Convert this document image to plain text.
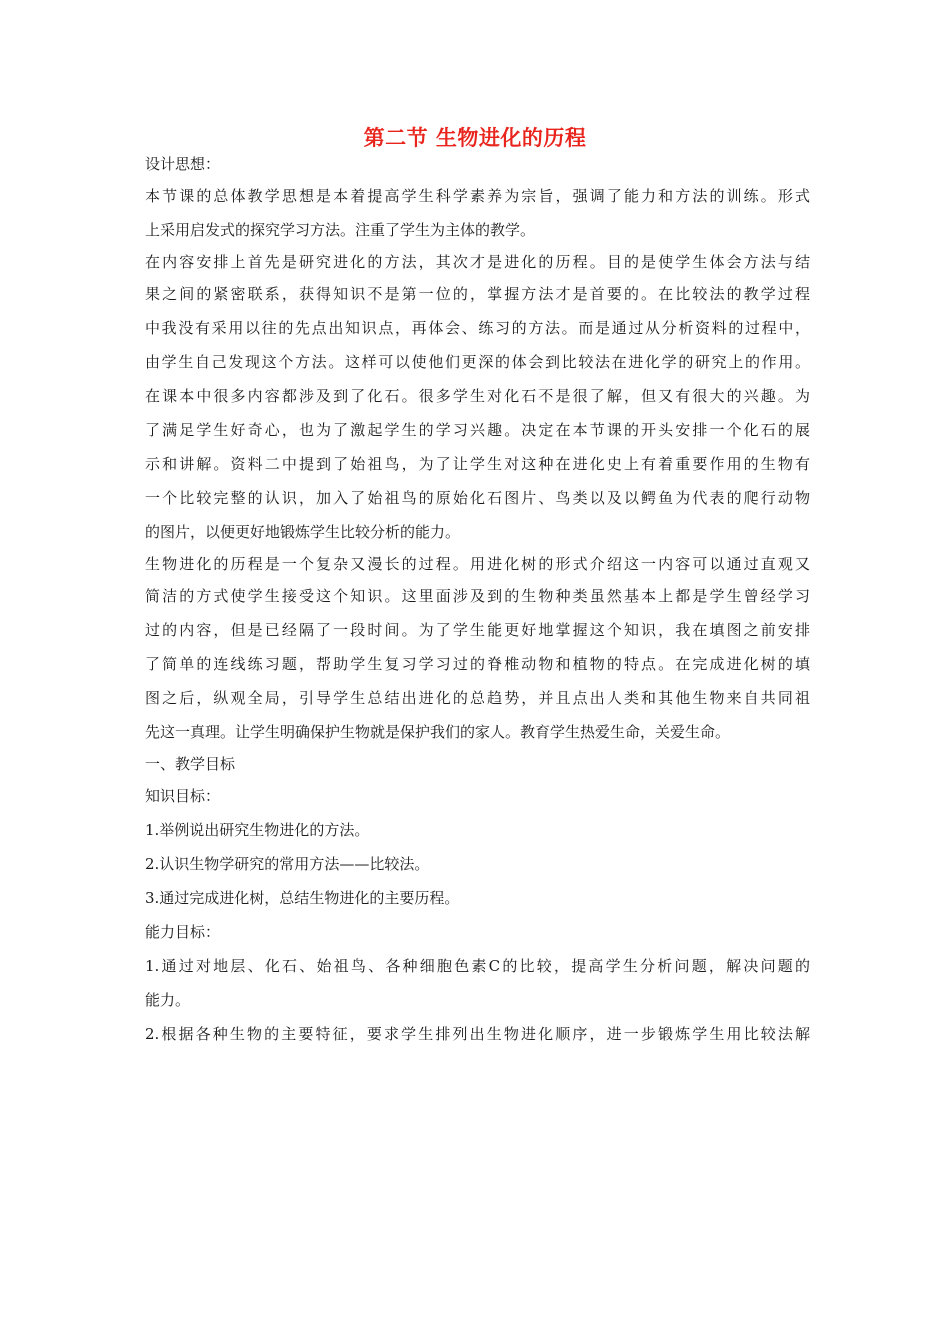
第二节 生物进化的历程
设计思想：
本节课的总体教学思想是本着提高学生科学素养为宗旨，强调了能力和方法的训练。形式
上采用启发式的探究学习方法。注重了学生为主体的教学。
在内容安排上首先是研究进化的方法，其次才是进化的历程。目的是使学生体会方法与结
果之间的紧密联系，获得知识不是第一位的，掌握方法才是首要的。在比较法的教学过程
中我没有采用以往的先点出知识点，再体会、练习的方法。而是通过从分析资料的过程中，
由学生自己发现这个方法。这样可以使他们更深的体会到比较法在进化学的研究上的作用。
在课本中很多内容都涉及到了化石。很多学生对化石不是很了解，但又有很大的兴趣。为
了满足学生好奇心，也为了激起学生的学习兴趣。决定在本节课的开头安排一个化石的展
示和讲解。资料二中提到了始祖鸟，为了让学生对这种在进化史上有着重要作用的生物有
一个比较完整的认识，加入了始祖鸟的原始化石图片、鸟类以及以鳄鱼为代表的爬行动物
的图片，以便更好地锻炼学生比较分析的能力。
生物进化的历程是一个复杂又漫长的过程。用进化树的形式介绍这一内容可以通过直观又
简洁的方式使学生接受这个知识。这里面涉及到的生物种类虽然基本上都是学生曾经学习
过的内容，但是已经隔了一段时间。为了学生能更好地掌握这个知识，我在填图之前安排
了简单的连线练习题，帮助学生复习学习过的脊椎动物和植物的特点。在完成进化树的填
图之后，纵观全局，引导学生总结出进化的总趋势，并且点出人类和其他生物来自共同祖
先这一真理。让学生明确保护生物就是保护我们的家人。教育学生热爱生命，关爱生命。
一、教学目标
知识目标：
1.举例说出研究生物进化的方法。
2.认识生物学研究的常用方法——比较法。
3.通过完成进化树，总结生物进化的主要历程。
能力目标：
1.通过对地层、化石、始祖鸟、各种细胞色素C的比较，提高学生分析问题，解决问题的
能力。
2.根据各种生物的主要特征，要求学生排列出生物进化顺序，进一步锻炼学生用比较法解
